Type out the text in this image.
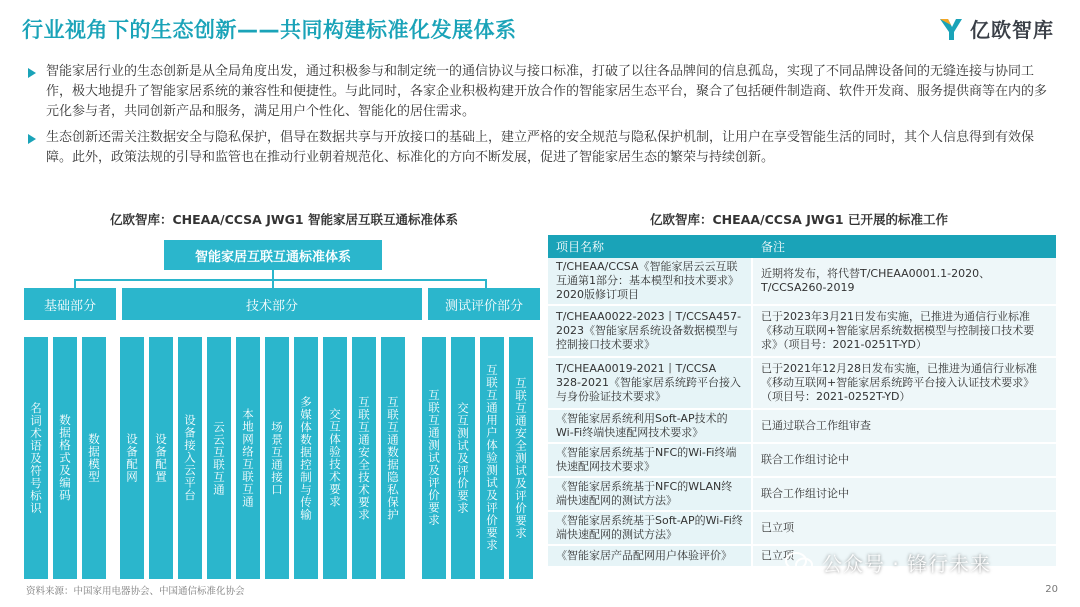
行业视角下的生态创新——共同构建标准化发展体系	亿欧智库
智能家居行业的生态创新是从全局角度出发，通过积极参与和制定统一的通信协议与接口标准，打破了以往各品牌间的信息孤岛，实现了不同品牌设备间的无缝连接与协同工作，极大地提升了智能家居系统的兼容性和便捷性。与此同时，各家企业积极构建开放合作的智能家居生态平台，聚合了包括硬件制造商、软件开发商、服务提供商等在内的多元化参与者，共同创新产品和服务，满足用户个性化、智能化的居住需求。
生态创新还需关注数据安全与隐私保护，倡导在数据共享与开放接口的基础上，建立严格的安全规范与隐私保护机制，让用户在享受智能生活的同时，其个人信息得到有效保障。此外，政策法规的引导和监管也在推动行业朝着规范化、标准化的方向不断发展，促进了智能家居生态的繁荣与持续创新。
亿欧智库：CHEAA/CCSA JWG1 智能家居互联互通标准体系	亿欧智库：CHEAA/CCSA JWG1 已开展的标准工作
智能家居互联互通标准体系
基础部分	技术部分	测试评价部分
名词术语及符号标识 数据格式及编码 数据模型 设备配网 设备配置 设备接入云平台 云云互联互通 本地网络互联互通 场景互通接口 多媒体数据控制与传输 交互体验技术要求 互联互通安全技术要求 互联互通数据隐私保护 互联互通测试及评价要求 交互测试及评价要求 互联互通用户体验测试及评价要求 互联互通安全测试及评价要求
项目名称	备注
T/CHEAA/CCSA《智能家居云云互联互通第1部分：基本模型和技术要求》2020版修订项目	近期将发布，将代替T/CHEAA0001.1-2020、T/CCSA260-2019
T/CHEAA0022-2023丨T/CCSA457-2023《智能家居系统设备数据模型与控制接口技术要求》	已于2023年3月21日发布实施，已推进为通信行业标准《移动互联网+智能家居系统数据模型与控制接口技术要求》（项目号：2021-0251T-YD）
T/CHEAA0019-2021丨T/CCSA 328-2021《智能家居系统跨平台接入与身份验证技术要求》	已于2021年12月28日发布实施，已推进为通信行业标准《移动互联网+智能家居系统跨平台接入认证技术要求》（项目号：2021-0252T-YD）
《智能家居系统利用Soft-AP技术的Wi-Fi终端快速配网技术要求》	已通过联合工作组审查
《智能家居系统基于NFC的Wi-Fi终端快速配网技术要求》	联合工作组讨论中
《智能家居系统基于NFC的WLAN终端快速配网的测试方法》	联合工作组讨论中
《智能家居系统基于Soft-AP的Wi-Fi终端快速配网的测试方法》	已立项
《智能家居产品配网用户体验评价》	已立项 公众号 · 锋行未来
资料来源：中国家用电器协会、中国通信标准化协会	20
